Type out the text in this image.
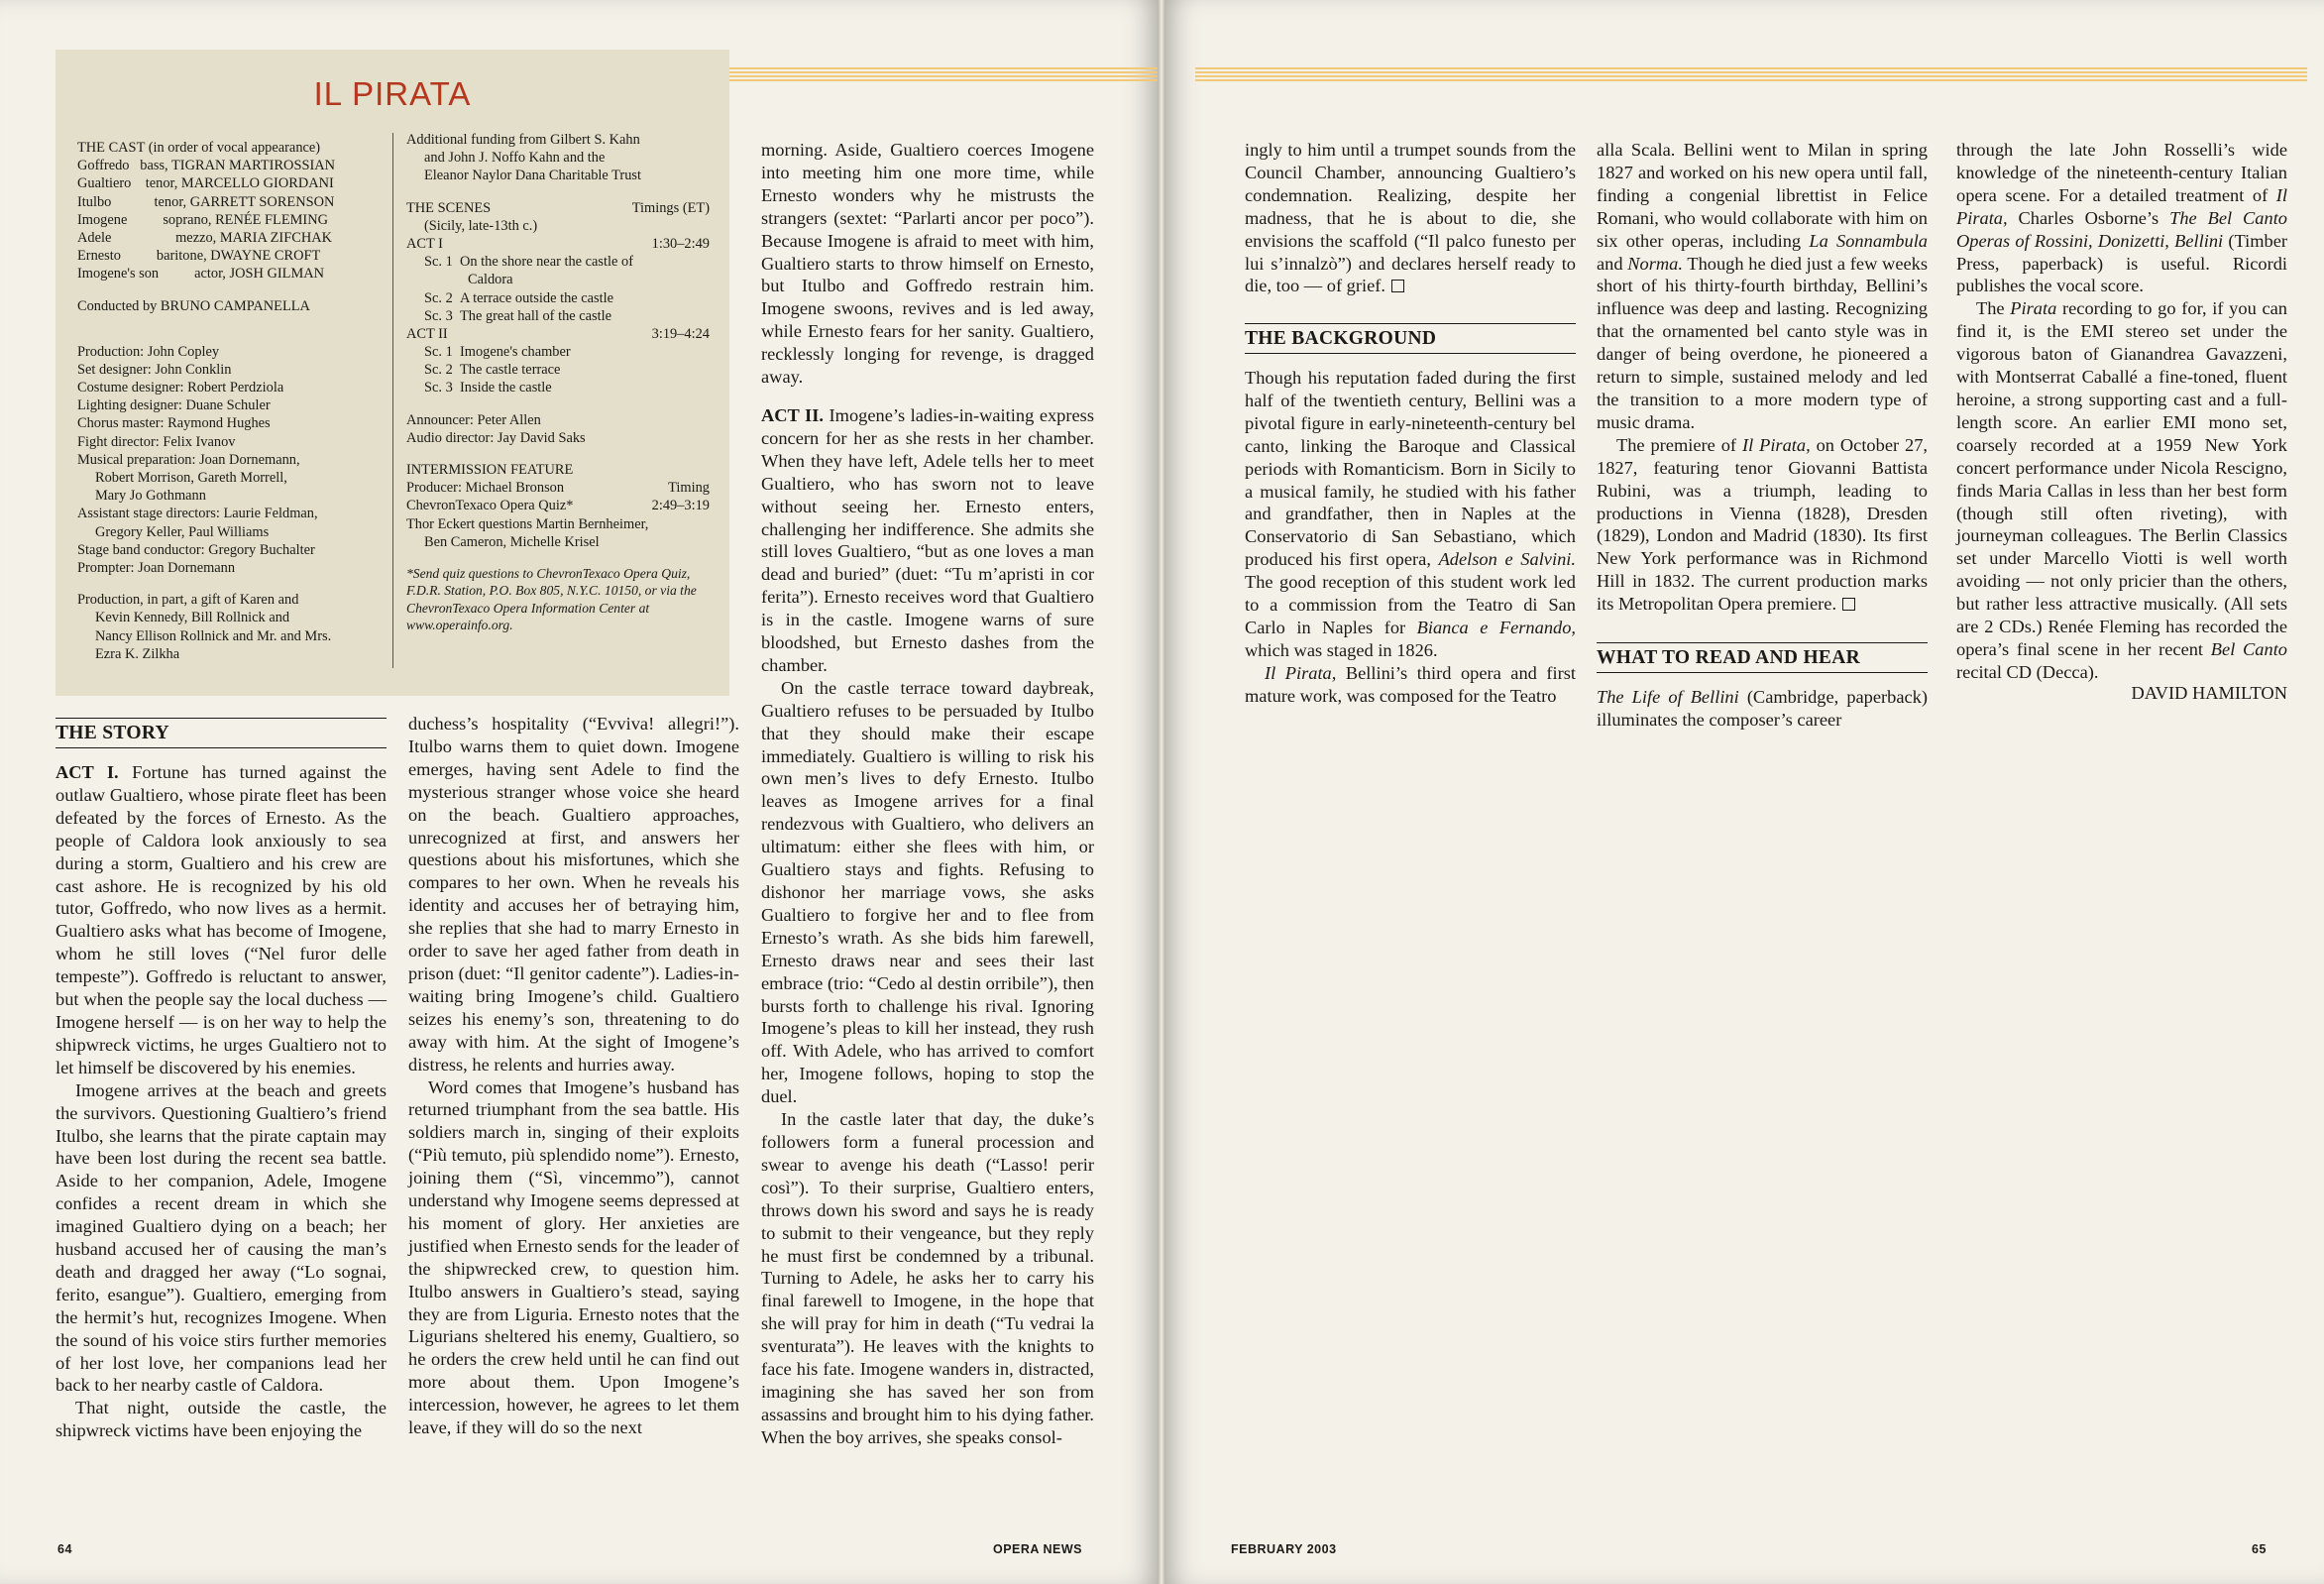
IL PIRATA
THE CAST (in order of vocal appearance)
Goffredo   bass, TIGRAN MARTIROSSIAN
Gualtiero    tenor, MARCELLO GIORDANI
Itulbo            tenor, GARRETT SORENSON
Imogene          soprano, RENÉE FLEMING
Adele                  mezzo, MARIA ZIFCHAK
Ernesto          baritone, DWAYNE CROFT
Imogene's son          actor, JOSH GILMAN
Conducted by BRUNO CAMPANELLA
Production: John Copley
Set designer: John Conklin
Costume designer: Robert Perdziola
Lighting designer: Duane Schuler
Chorus master: Raymond Hughes
Fight director: Felix Ivanov
Musical preparation: Joan Dornemann,
Robert Morrison, Gareth Morrell,
Mary Jo Gothmann
Assistant stage directors: Laurie Feldman,
Gregory Keller, Paul Williams
Stage band conductor: Gregory Buchalter
Prompter: Joan Dornemann
Production, in part, a gift of Karen and
Kevin Kennedy, Bill Rollnick and
Nancy Ellison Rollnick and Mr. and Mrs.
Ezra K. Zilkha
Additional funding from Gilbert S. Kahn
and John J. Noffo Kahn and the
Eleanor Naylor Dana Charitable Trust
THE SCENES	Timings (ET)
(Sicily, late-13th c.)
ACT I	1:30–2:49
Sc. 1  On the shore near the castle of
Caldora
Sc. 2  A terrace outside the castle
Sc. 3  The great hall of the castle
ACT II	3:19–4:24
Sc. 1  Imogene's chamber
Sc. 2  The castle terrace
Sc. 3  Inside the castle
Announcer: Peter Allen
Audio director: Jay David Saks
INTERMISSION FEATURE
Producer: Michael Bronson	Timing
ChevronTexaco Opera Quiz*	2:49–3:19
Thor Eckert questions Martin Bernheimer,
Ben Cameron, Michelle Krisel
*Send quiz questions to ChevronTexaco Opera Quiz, F.D.R. Station, P.O. Box 805, N.Y.C. 10150, or via the ChevronTexaco Opera Information Center at www.operainfo.org.
THE STORY

ACT I. Fortune has turned against the outlaw Gualtiero, whose pirate fleet has been defeated by the forces of Ernesto. As the people of Caldora look anxiously to sea during a storm, Gualtiero and his crew are cast ashore. He is recognized by his old tutor, Goffredo, who now lives as a hermit. Gualtiero asks what has become of Imogene, whom he still loves (“Nel furor delle tempeste”). Goffredo is reluctant to answer, but when the people say the local duchess — Imogene herself — is on her way to help the shipwreck victims, he urges Gualtiero not to let himself be discovered by his enemies.

Imogene arrives at the beach and greets the survivors. Questioning Gualtiero’s friend Itulbo, she learns that the pirate captain may have been lost during the recent sea battle. Aside to her companion, Adele, Imogene confides a recent dream in which she imagined Gualtiero dying on a beach; her husband accused her of causing the man’s death and dragged her away (“Lo sognai, ferito, esangue”). Gualtiero, emerging from the hermit’s hut, recognizes Imogene. When the sound of his voice stirs further memories of her lost love, her companions lead her back to her nearby castle of Caldora.

That night, outside the castle, the shipwreck victims have been enjoying the

duchess’s hospitality (“Evviva! allegri!”). Itulbo warns them to quiet down. Imogene emerges, having sent Adele to find the mysterious stranger whose voice she heard on the beach. Gualtiero approaches, unrecognized at first, and answers her questions about his misfortunes, which she compares to her own. When he reveals his identity and accuses her of betraying him, she replies that she had to marry Ernesto in order to save her aged father from death in prison (duet: “Il genitor cadente”). Ladies-in-waiting bring Imogene’s child. Gualtiero seizes his enemy’s son, threatening to do away with him. At the sight of Imogene’s distress, he relents and hurries away.

Word comes that Imogene’s husband has returned triumphant from the sea battle. His soldiers march in, singing of their exploits (“Più temuto, più splendido nome”). Ernesto, joining them (“Sì, vincemmo”), cannot understand why Imogene seems depressed at his moment of glory. Her anxieties are justified when Ernesto sends for the leader of the shipwrecked crew, to question him. Itulbo answers in Gualtiero’s stead, saying they are from Liguria. Ernesto notes that the Ligurians sheltered his enemy, Gualtiero, so he orders the crew held until he can find out more about them. Upon Imogene’s intercession, however, he agrees to let them leave, if they will do so the next

morning. Aside, Gualtiero coerces Imogene into meeting him one more time, while Ernesto wonders why he mistrusts the strangers (sextet: “Parlarti ancor per poco”). Because Imogene is afraid to meet with him, Gualtiero starts to throw himself on Ernesto, but Itulbo and Goffredo restrain him. Imogene swoons, revives and is led away, while Ernesto fears for her sanity. Gualtiero, recklessly longing for revenge, is dragged away.

ACT II. Imogene’s ladies-in-waiting express concern for her as she rests in her chamber. When they have left, Adele tells her to meet Gualtiero, who has sworn not to leave without seeing her. Ernesto enters, challenging her indifference. She admits she still loves Gualtiero, “but as one loves a man dead and buried” (duet: “Tu m’apristi in cor ferita”). Ernesto receives word that Gualtiero is in the castle. Imogene warns of sure bloodshed, but Ernesto dashes from the chamber.

On the castle terrace toward daybreak, Gualtiero refuses to be persuaded by Itulbo that they should make their escape immediately. Gualtiero is willing to risk his own men’s lives to defy Ernesto. Itulbo leaves as Imogene arrives for a final rendezvous with Gualtiero, who delivers an ultimatum: either she flees with him, or Gualtiero stays and fights. Refusing to dishonor her marriage vows, she asks Gualtiero to forgive her and to flee from Ernesto’s wrath. As she bids him farewell, Ernesto draws near and sees their last embrace (trio: “Cedo al destin orribile”), then bursts forth to challenge his rival. Ignoring Imogene’s pleas to kill her instead, they rush off. With Adele, who has arrived to comfort her, Imogene follows, hoping to stop the duel.

In the castle later that day, the duke’s followers form a funeral procession and swear to avenge his death (“Lasso! perir così”). To their surprise, Gualtiero enters, throws down his sword and says he is ready to submit to their vengeance, but they reply he must first be condemned by a tribunal. Turning to Adele, he asks her to carry his final farewell to Imogene, in the hope that she will pray for him in death (“Tu vedrai la sventurata”). He leaves with the knights to face his fate. Imogene wanders in, distracted, imagining she has saved her son from assassins and brought him to his dying father. When the boy arrives, she speaks consol-

64	OPERA NEWS

ingly to him until a trumpet sounds from the Council Chamber, announcing Gualtiero’s condemnation. Realizing, despite her madness, that he is about to die, she envisions the scaffold (“Il palco funesto per lui s’innalzò”) and declares herself ready to die, too — of grief.

THE BACKGROUND

Though his reputation faded during the first half of the twentieth century, Bellini was a pivotal figure in early-nineteenth-century bel canto, linking the Baroque and Classical periods with Romanticism. Born in Sicily to a musical family, he studied with his father and grandfather, then in Naples at the Conservatorio di San Sebastiano, which produced his first opera, Adelson e Salvini. The good reception of this student work led to a commission from the Teatro di San Carlo in Naples for Bianca e Fernando, which was staged in 1826.

Il Pirata, Bellini’s third opera and first mature work, was composed for the Teatro

alla Scala. Bellini went to Milan in spring 1827 and worked on his new opera until fall, finding a congenial librettist in Felice Romani, who would collaborate with him on six other operas, including La Sonnambula and Norma. Though he died just a few weeks short of his thirty-fourth birthday, Bellini’s influence was deep and lasting. Recognizing that the ornamented bel canto style was in danger of being overdone, he pioneered a return to simple, sustained melody and led the transition to a more modern type of music drama.

The premiere of Il Pirata, on October 27, 1827, featuring tenor Giovanni Battista Rubini, was a triumph, leading to productions in Vienna (1828), Dresden (1829), London and Madrid (1830). Its first New York performance was in Richmond Hill in 1832. The current production marks its Metropolitan Opera premiere.

WHAT TO READ AND HEAR

The Life of Bellini (Cambridge, paperback) illuminates the composer’s career

through the late John Rosselli’s wide knowledge of the nineteenth-century Italian opera scene. For a detailed treatment of Il Pirata, Charles Osborne’s The Bel Canto Operas of Rossini, Donizetti, Bellini (Timber Press, paperback) is useful. Ricordi publishes the vocal score.

The Pirata recording to go for, if you can find it, is the EMI stereo set under the vigorous baton of Gianandrea Gavazzeni, with Montserrat Caballé a fine-toned, fluent heroine, a strong supporting cast and a full-length score. An earlier EMI mono set, coarsely recorded at a 1959 New York concert performance under Nicola Rescigno, finds Maria Callas in less than her best form (though still often riveting), with journeyman colleagues. The Berlin Classics set under Marcello Viotti is well worth avoiding — not only pricier than the others, but rather less attractive musically. (All sets are 2 CDs.) Renée Fleming has recorded the opera’s final scene in her recent Bel Canto recital CD (Decca).

DAVID HAMILTON
FEBRUARY 2003	65
